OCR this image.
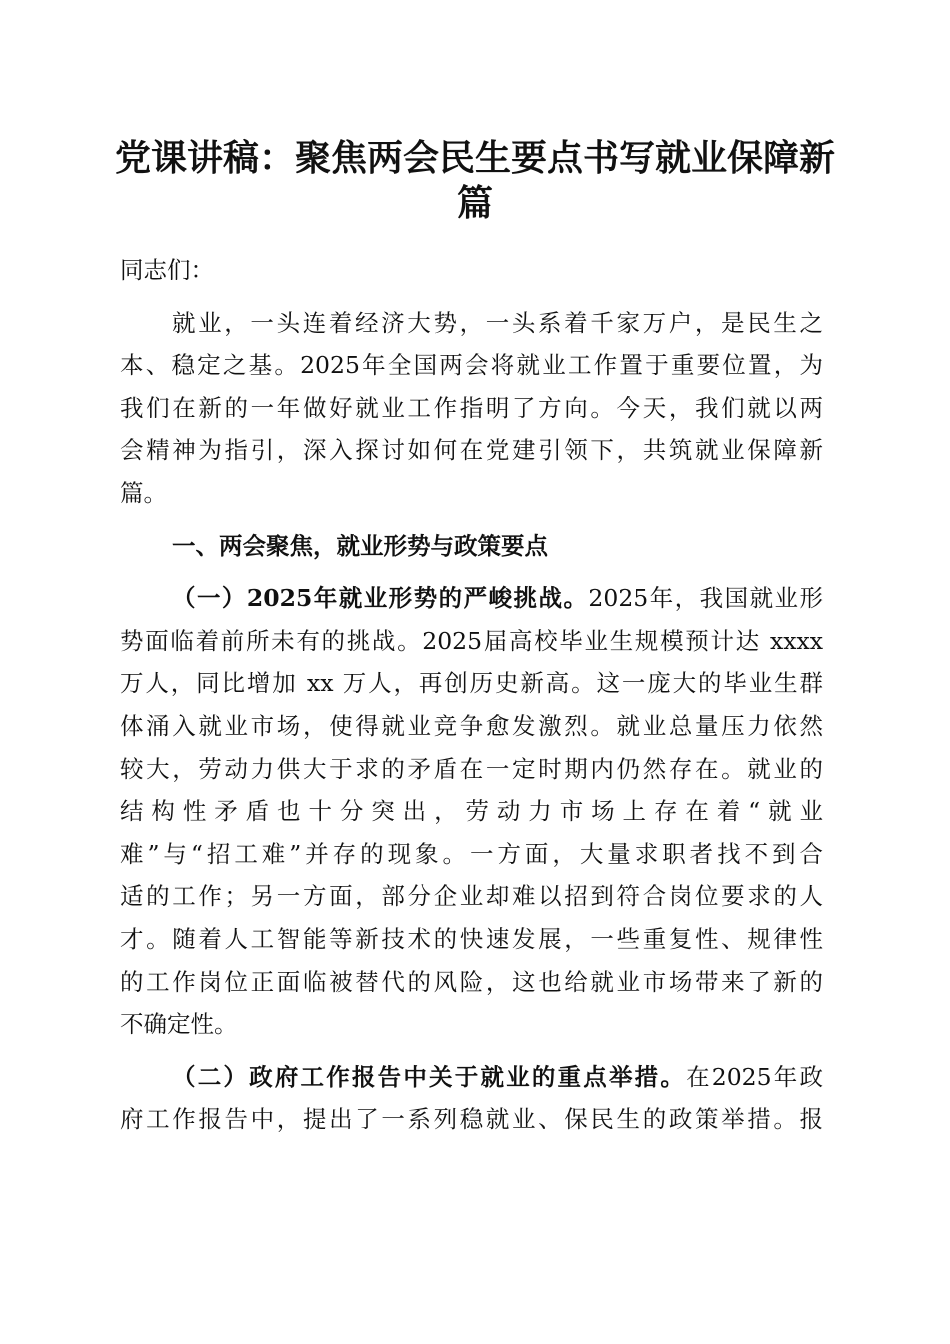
党课讲稿：聚焦两会民生要点书写就业保障新
篇
同志们：
就业，一头连着经济大势，一头系着千家万户，是民生之
本、稳定之基。2025年全国两会将就业工作置于重要位置，为
我们在新的一年做好就业工作指明了方向。今天，我们就以两
会精神为指引，深入探讨如何在党建引领下，共筑就业保障新
篇。
一、两会聚焦，就业形势与政策要点
（一）2025年就业形势的严峻挑战。2025年，我国就业形
势面临着前所未有的挑战。2025届高校毕业生规模预计达 xxxx
万人，同比增加 xx 万人，再创历史新高。这一庞大的毕业生群
体涌入就业市场，使得就业竞争愈发激烈。就业总量压力依然
较大，劳动力供大于求的矛盾在一定时期内仍然存在。就业的
结构性矛盾也十分突出，劳动力市场上存在着“就业
难”与“招工难”并存的现象。一方面，大量求职者找不到合
适的工作；另一方面，部分企业却难以招到符合岗位要求的人
才。随着人工智能等新技术的快速发展，一些重复性、规律性
的工作岗位正面临被替代的风险，这也给就业市场带来了新的
不确定性。
（二）政府工作报告中关于就业的重点举措。在2025年政
府工作报告中，提出了一系列稳就业、保民生的政策举措。报
